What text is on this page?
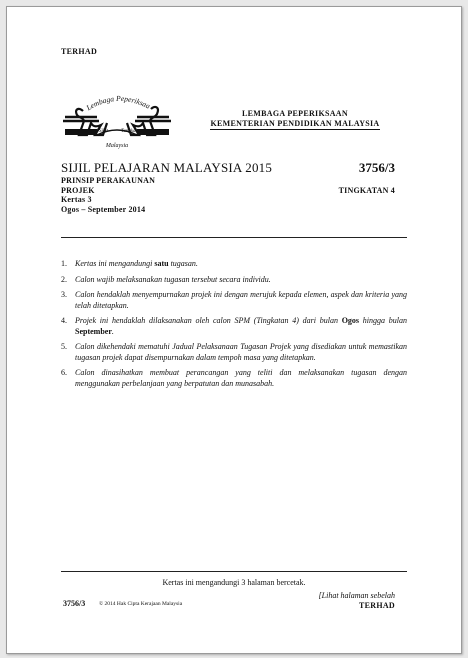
TERHAD
Lembaga Peperiksaa
Sikit	Tangkas
Malaysia
LEMBAGA PEPERIKSAAN
KEMENTERIAN PENDIDIKAN MALAYSIA
SIJIL PELAJARAN MALAYSIA 2015	3756/3
PRINSIP PERAKAUNAN
PROJEK
Kertas 3
Ogos – September 2014
TINGKATAN 4
1.	Kertas ini mengandungi satu tugasan.
2.	Calon wajib melaksanakan tugasan tersebut secara individu.
3.	Calon hendaklah menyempurnakan projek ini dengan merujuk kepada elemen, aspek dan kriteria yang telah ditetapkan.
4.	Projek ini hendaklah dilaksanakan oleh calon SPM (Tingkatan 4) dari bulan Ogos hingga bulan September.
5.	Calon dikehendaki mematuhi Jadual Pelaksanaan Tugasan Projek yang disediakan untuk memastikan tugasan projek dapat disempurnakan dalam tempoh masa yang ditetapkan.
6.	Calon dinasihatkan membuat perancangan yang teliti dan melaksanakan tugasan dengan menggunakan perbelanjaan yang berpatutan dan munasabah.
Kertas ini mengandungi 3 halaman bercetak.
3756/3	© 2014 Hak Cipta Kerajaan Malaysia
[Lihat halaman sebelah
TERHAD
